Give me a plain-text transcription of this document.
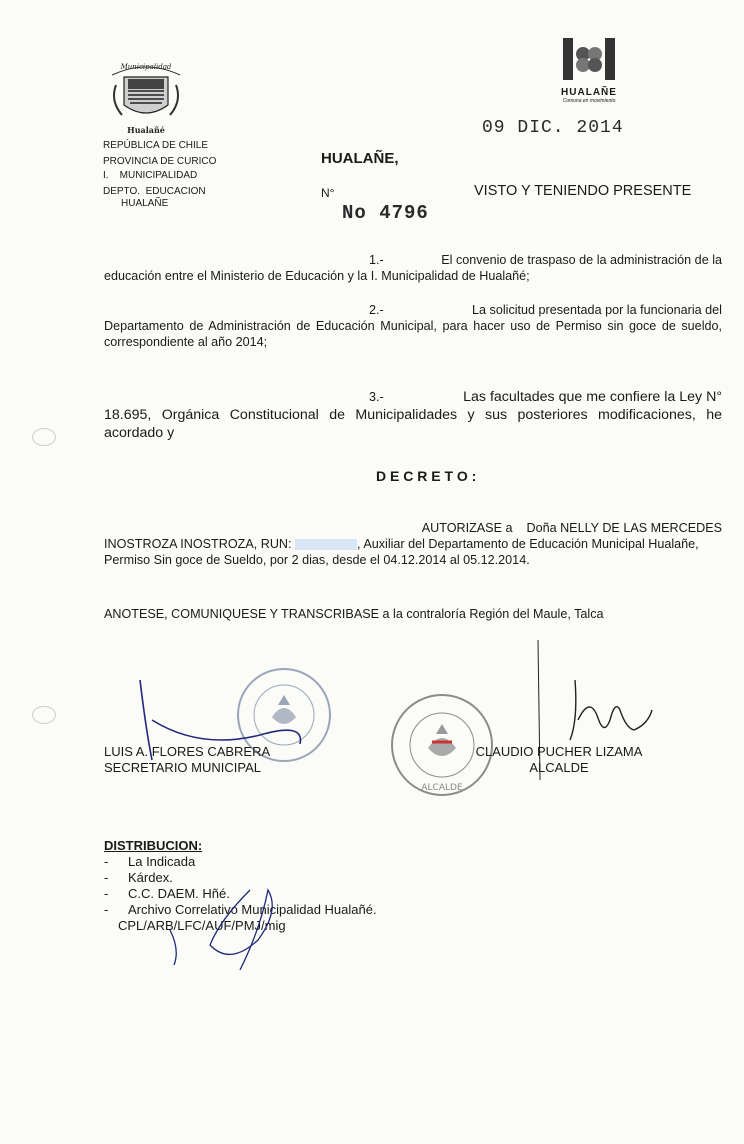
Municipalidad
Hualañé
REPÚBLICA DE CHILE
PROVINCIA DE CURICO
I.    MUNICIPALIDAD
DEPTO.  EDUCACION
HUALAÑE
HUALAÑE
Comuna en movimiento
09 DIC. 2014
HUALAÑE,
N°
No 4796
VISTO Y TENIENDO PRESENTE
1.-	El convenio de traspaso de la administración de la
educación entre el Ministerio de Educación y la I. Municipalidad de Hualañé;
2.-	La solicitud presentada por la funcionaria del
Departamento de Administración de Educación Municipal, para hacer uso de Permiso sin goce de sueldo, correspondiente al año 2014;
3.-	Las facultades que me confiere la Ley N°
18.695, Orgánica Constitucional de Municipalidades y sus posteriores modificaciones, he acordado y
D E C R E T O :
AUTORIZASE a    Doña NELLY DE LAS MERCEDES
INOSTROZA INOSTROZA, RUN:	, Auxiliar del Departamento de Educación Municipal Hualañe,
Permiso Sin goce de Sueldo, por 2 dias, desde el 04.12.2014 al 05.12.2014.
ANOTESE, COMUNIQUESE Y TRANSCRIBASE a la contraloría Región del Maule, Talca
ALCALDE
LUIS A. FLORES CABRERA
SECRETARIO MUNICIPAL
CLAUDIO PUCHER LIZAMA
ALCALDE
DISTRIBUCION:
-	La Indicada
-	Kárdex.
-	C.C. DAEM. Hñé.
-	Archivo Correlativo Municipalidad Hualañé.
CPL/ARB/LFC/AUF/PMJ/mig
